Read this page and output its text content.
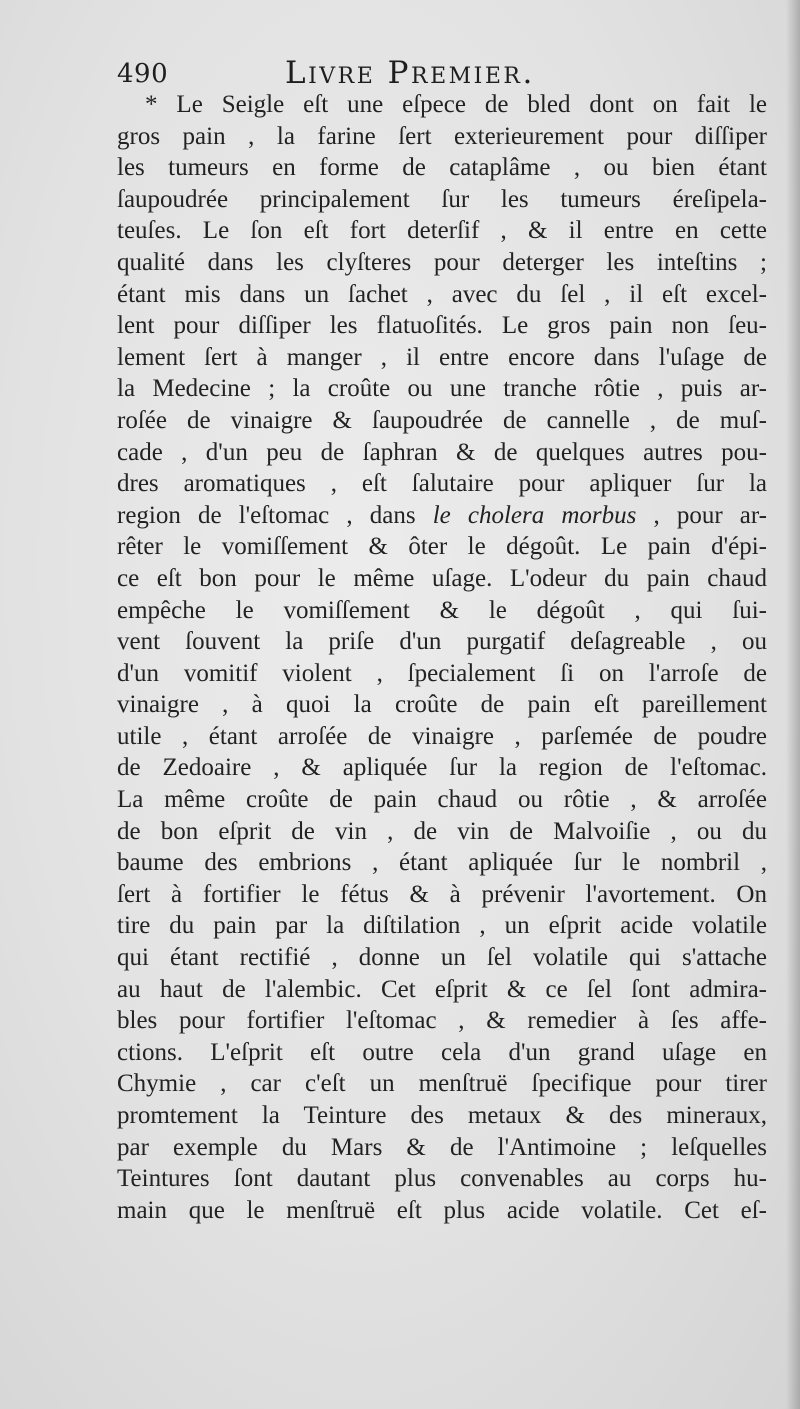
490	Livre Premier.
* Le Seigle eſt une eſpece de bled dont on fait le
gros pain , la farine ſert exterieurement pour diſſiper
les tumeurs en forme de cataplâme , ou bien étant
ſaupoudrée principalement ſur les tumeurs éreſipela-
teuſes. Le ſon eſt fort deterſif , & il entre en cette
qualité dans les clyſteres pour deterger les inteſtins ;
étant mis dans un ſachet , avec du ſel , il eſt excel-
lent pour diſſiper les flatuoſités. Le gros pain non ſeu-
lement ſert à manger , il entre encore dans l'uſage de
la Medecine ; la croûte ou une tranche rôtie , puis ar-
roſée de vinaigre & ſaupoudrée de cannelle , de muſ-
cade , d'un peu de ſaphran & de quelques autres pou-
dres aromatiques , eſt ſalutaire pour apliquer ſur la
region de l'eſtomac , dans le cholera morbus , pour ar-
rêter le vomiſſement & ôter le dégoût. Le pain d'épi-
ce eſt bon pour le même uſage. L'odeur du pain chaud
empêche le vomiſſement & le dégoût , qui ſui-
vent ſouvent la priſe d'un purgatif deſagreable , ou
d'un vomitif violent , ſpecialement ſi on l'arroſe de
vinaigre , à quoi la croûte de pain eſt pareillement
utile , étant arroſée de vinaigre , parſemée de poudre
de Zedoaire , & apliquée ſur la region de l'eſtomac.
La même croûte de pain chaud ou rôtie , & arroſée
de bon eſprit de vin , de vin de Malvoiſie , ou du
baume des embrions , étant apliquée ſur le nombril ,
ſert à fortifier le fétus & à prévenir l'avortement. On
tire du pain par la diſtilation , un eſprit acide volatile
qui étant rectifié , donne un ſel volatile qui s'attache
au haut de l'alembic. Cet eſprit & ce ſel ſont admira-
bles pour fortifier l'eſtomac , & remedier à ſes affe-
ctions. L'eſprit eſt outre cela d'un grand uſage en
Chymie , car c'eſt un menſtruë ſpecifique pour tirer
promtement la Teinture des metaux & des mineraux,
par exemple du Mars & de l'Antimoine ; leſquelles
Teintures ſont dautant plus convenables au corps hu-
main que le menſtruë eſt plus acide volatile. Cet eſ-
